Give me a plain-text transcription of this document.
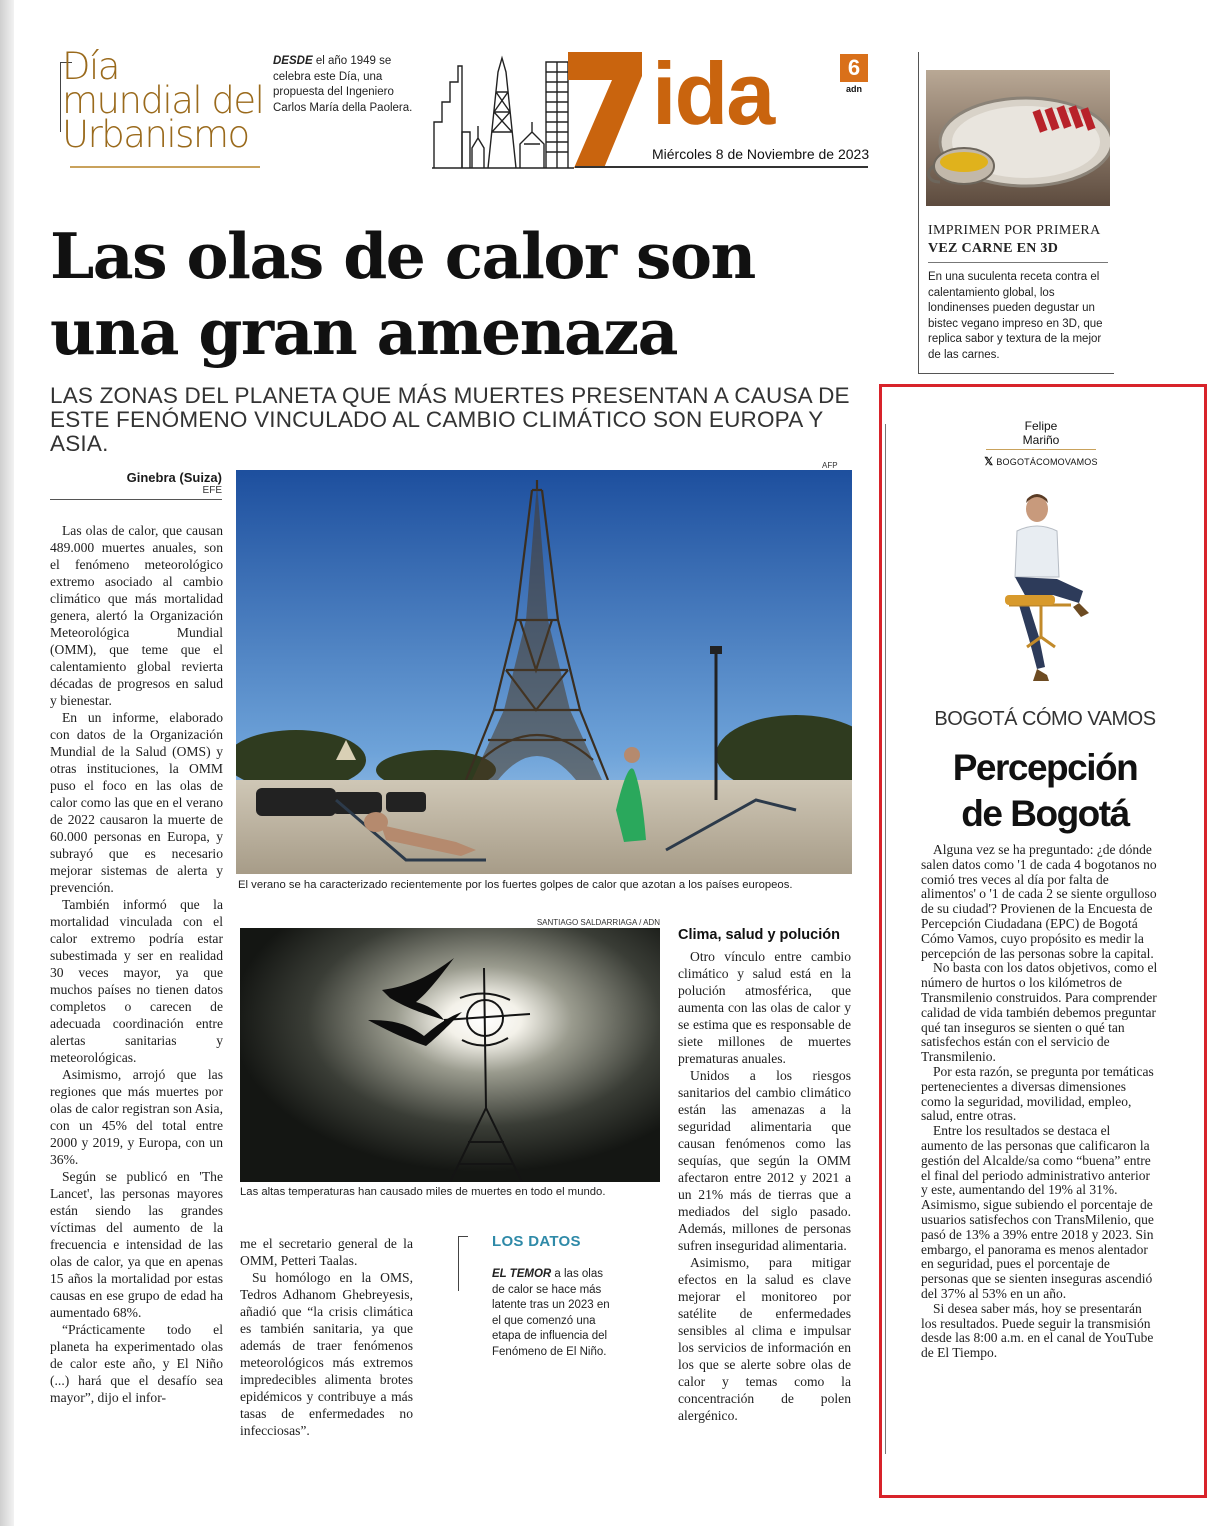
Día
mundial del
Urbanismo
DESDE el año 1949 se celebra este Día, una propuesta del Ingeniero Carlos María della Paolera.	ida
Miércoles 8 de Noviembre de 2023
6
adn
IMPRIMEN POR PRIMERA
VEZ CARNE EN 3D
En una suculenta receta contra el calentamiento global, los londinenses pueden degustar un bistec vegano impreso en 3D, que replica sabor y textura de la mejor de las carnes.
Las olas de calor son
una gran amenaza
LAS ZONAS DEL PLANETA QUE MÁS MUERTES PRESENTAN A CAUSA DE
ESTE FENÓMENO VINCULADO AL CAMBIO CLIMÁTICO SON EUROPA Y ASIA.
Ginebra (Suiza)
EFE

Las olas de calor, que causan 489.000 muertes anuales, son el fenómeno meteorológico extremo asociado al cambio climático que más mortalidad genera, alertó la Organización Meteorológica Mundial (OMM), que teme que el calentamiento global revierta décadas de progresos en salud y bienestar.

En un informe, elaborado con datos de la Organización Mundial de la Salud (OMS) y otras instituciones, la OMM puso el foco en las olas de calor como las que en el verano de 2022 causaron la muerte de 60.000 personas en Europa, y subrayó que es necesario mejorar sistemas de alerta y prevención.

También informó que la mortalidad vinculada con el calor extremo podría estar subestimada y ser en realidad 30 veces mayor, ya que muchos países no tienen datos completos o carecen de adecuada coordinación entre alertas sanitarias y meteorológicas.

Asimismo, arrojó que las regiones que más muertes por olas de calor registran son Asia, con un 45% del total entre 2000 y 2019, y Europa, con un 36%.

Según se publicó en 'The Lancet', las personas mayores están siendo las grandes víctimas del aumento de la frecuencia e intensidad de las olas de calor, ya que en apenas 15 años la mortalidad por estas causas en ese grupo de edad ha aumentado 68%.

“Prácticamente todo el planeta ha experimentado olas de calor este año, y El Niño (...) hará que el desafío sea mayor”, dijo el infor-

AFP
El verano se ha caracterizado recientemente por los fuertes golpes de calor que azotan a los países europeos.
SANTIAGO SALDARRIAGA / ADN
Las altas temperaturas han causado miles de muertes en todo el mundo.

me el secretario general de la OMM, Petteri Taalas.

Su homólogo en la OMS, Tedros Adhanom Ghebreyesis, añadió que “la crisis climática es también sanitaria, ya que además de traer fenómenos meteorológicos más extremos impredecibles alimenta brotes epidémicos y contribuye a más tasas de enfermedades no infecciosas”.

LOS DATOS
EL TEMOR a las olas de calor se hace más latente tras un 2023 en el que comenzó una etapa de influencia del Fenómeno de El Niño.
Clima, salud y polución

Otro vínculo entre cambio climático y salud está en la polución atmosférica, que aumenta con las olas de calor y se estima que es responsable de siete millones de muertes prematuras anuales.

Unidos a los riesgos sanitarios del cambio climático están las amenazas a la seguridad alimentaria que causan fenómenos como las sequías, que según la OMM afectaron entre 2012 y 2021 a un 21% más de tierras que a mediados del siglo pasado. Además, millones de personas sufren inseguridad alimentaria.

Asimismo, para mitigar efectos en la salud es clave mejorar el monitoreo por satélite de enfermedades sensibles al clima e impulsar los servicios de información en los que se alerte sobre olas de calor y temas como la concentración de polen alergénico.

Felipe
Mariño
𝕏 BOGOTÁCOMOVAMOS
BOGOTÁ CÓMO VAMOS
Percepción
de Bogotá

Alguna vez se ha preguntado: ¿de dónde salen datos como '1 de cada 4 bogotanos no comió tres veces al día por falta de alimentos' o '1 de cada 2 se siente orgulloso de su ciudad'? Provienen de la Encuesta de Percepción Ciudadana (EPC) de Bogotá Cómo Vamos, cuyo propósito es medir la percepción de las personas sobre la capital.

No basta con los datos objetivos, como el número de hurtos o los kilómetros de Transmilenio construidos. Para comprender calidad de vida también debemos preguntar qué tan inseguros se sienten o qué tan satisfechos están con el servicio de Transmilenio.

Por esta razón, se pregunta por temáticas pertenecientes a diversas dimensiones como la seguridad, movilidad, empleo, salud, entre otras.

Entre los resultados se destaca el aumento de las personas que calificaron la gestión del Alcalde/sa como “buena” entre el final del periodo administrativo anterior y este, aumentando del 19% al 31%. Asimismo, sigue subiendo el porcentaje de usuarios satisfechos con TransMilenio, que pasó de 13% a 39% entre 2018 y 2023. Sin embargo, el panorama es menos alentador en seguridad, pues el porcentaje de personas que se sienten inseguras ascendió del 37% al 53% en un año.

Si desea saber más, hoy se presentarán los resultados. Puede seguir la transmisión desde las 8:00 a.m. en el canal de YouTube de El Tiempo.
